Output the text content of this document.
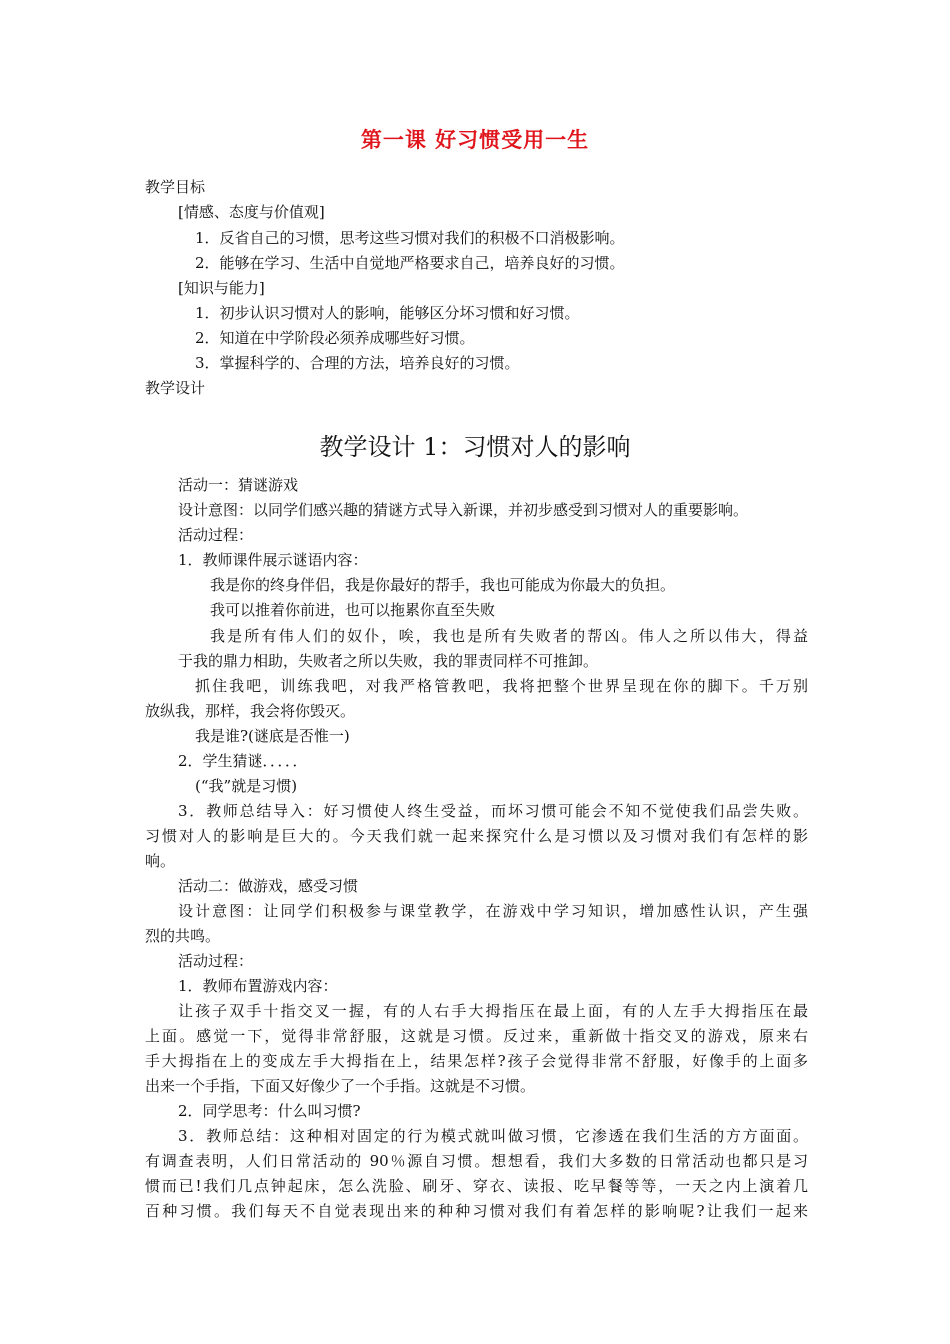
第一课 好习惯受用一生
教学目标
[情感、态度与价值观]
1．反省自己的习惯，思考这些习惯对我们的积极不口消极影响。
2．能够在学习、生活中自觉地严格要求自己，培养良好的习惯。
[知识与能力]
1．初步认识习惯对人的影响，能够区分坏习惯和好习惯。
2．知道在中学阶段必须养成哪些好习惯。
3．掌握科学的、合理的方法，培养良好的习惯。
教学设计
教学设计 1：习惯对人的影响
活动一：猜谜游戏
设计意图：以同学们感兴趣的猜谜方式导入新课，并初步感受到习惯对人的重要影响。
活动过程：
1．教师课件展示谜语内容：
我是你的终身伴侣，我是你最好的帮手，我也可能成为你最大的负担。
我可以推着你前进，也可以拖累你直至失败
我是所有伟人们的奴仆，唉，我也是所有失败者的帮凶。伟人之所以伟大，得益
于我的鼎力相助，失败者之所以失败，我的罪责同样不可推卸。
抓住我吧，训练我吧，对我严格管教吧，我将把整个世界呈现在你的脚下。千万别
放纵我，那样，我会将你毁灭。
我是谁?(谜底是否惟一)
2．学生猜谜．．．．．
(“我”就是习惯)
3．教师总结导入：好习惯使人终生受益，而坏习惯可能会不知不觉使我们品尝失败。
习惯对人的影响是巨大的。今天我们就一起来探究什么是习惯以及习惯对我们有怎样的影
响。
活动二：做游戏，感受习惯
设计意图：让同学们积极参与课堂教学，在游戏中学习知识，增加感性认识，产生强
烈的共鸣。
活动过程：
1．教师布置游戏内容：
让孩子双手十指交叉一握，有的人右手大拇指压在最上面，有的人左手大拇指压在最
上面。感觉一下，觉得非常舒服，这就是习惯。反过来，重新做十指交叉的游戏，原来右
手大拇指在上的变成左手大拇指在上，结果怎样?孩子会觉得非常不舒服，好像手的上面多
出来一个手指，下面又好像少了一个手指。这就是不习惯。
2．同学思考：什么叫习惯?
3．教师总结：这种相对固定的行为模式就叫做习惯，它渗透在我们生活的方方面面。
有调查表明，人们日常活动的 90％源自习惯。想想看，我们大多数的日常活动也都只是习
惯而已!我们几点钟起床，怎么洗脸、刷牙、穿衣、读报、吃早餐等等，一天之内上演着几
百种习惯。我们每天不自觉表现出来的种种习惯对我们有着怎样的影响呢?让我们一起来
